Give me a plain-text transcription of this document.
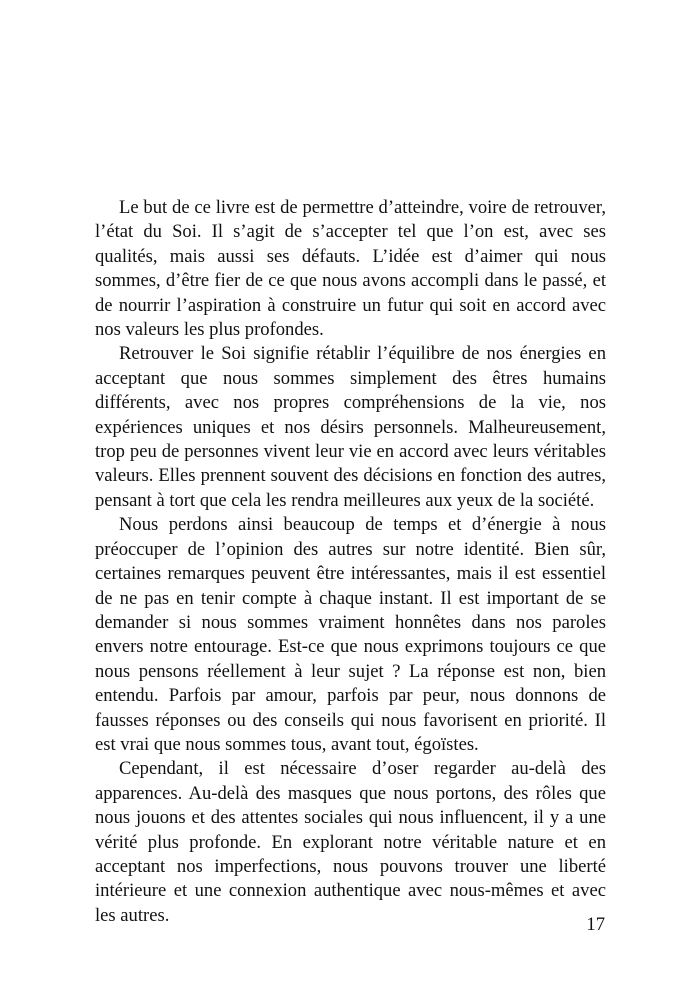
Le but de ce livre est de permettre d’atteindre, voire de retrouver, l’état du Soi. Il s’agit de s’accepter tel que l’on est, avec ses qualités, mais aussi ses défauts. L’idée est d’aimer qui nous sommes, d’être fier de ce que nous avons accompli dans le passé, et de nourrir l’aspiration à construire un futur qui soit en accord avec nos valeurs les plus profondes.

Retrouver le Soi signifie rétablir l’équilibre de nos énergies en acceptant que nous sommes simplement des êtres humains différents, avec nos propres compréhensions de la vie, nos expériences uniques et nos désirs personnels. Malheureusement, trop peu de personnes vivent leur vie en accord avec leurs véritables valeurs. Elles prennent souvent des décisions en fonction des autres, pensant à tort que cela les rendra meilleures aux yeux de la société.

Nous perdons ainsi beaucoup de temps et d’énergie à nous préoccuper de l’opinion des autres sur notre identité. Bien sûr, certaines remarques peuvent être intéressantes, mais il est essentiel de ne pas en tenir compte à chaque instant. Il est important de se demander si nous sommes vraiment honnêtes dans nos paroles envers notre entourage. Est-ce que nous exprimons toujours ce que nous pensons réellement à leur sujet ? La réponse est non, bien entendu. Parfois par amour, parfois par peur, nous donnons de fausses réponses ou des conseils qui nous favorisent en priorité. Il est vrai que nous sommes tous, avant tout, égoïstes.

Cependant, il est nécessaire d’oser regarder au-delà des apparences. Au-delà des masques que nous portons, des rôles que nous jouons et des attentes sociales qui nous influencent, il y a une vérité plus profonde. En explorant notre véritable nature et en acceptant nos imperfections, nous pouvons trouver une liberté intérieure et une connexion authentique avec nous-mêmes et avec les autres.	17
